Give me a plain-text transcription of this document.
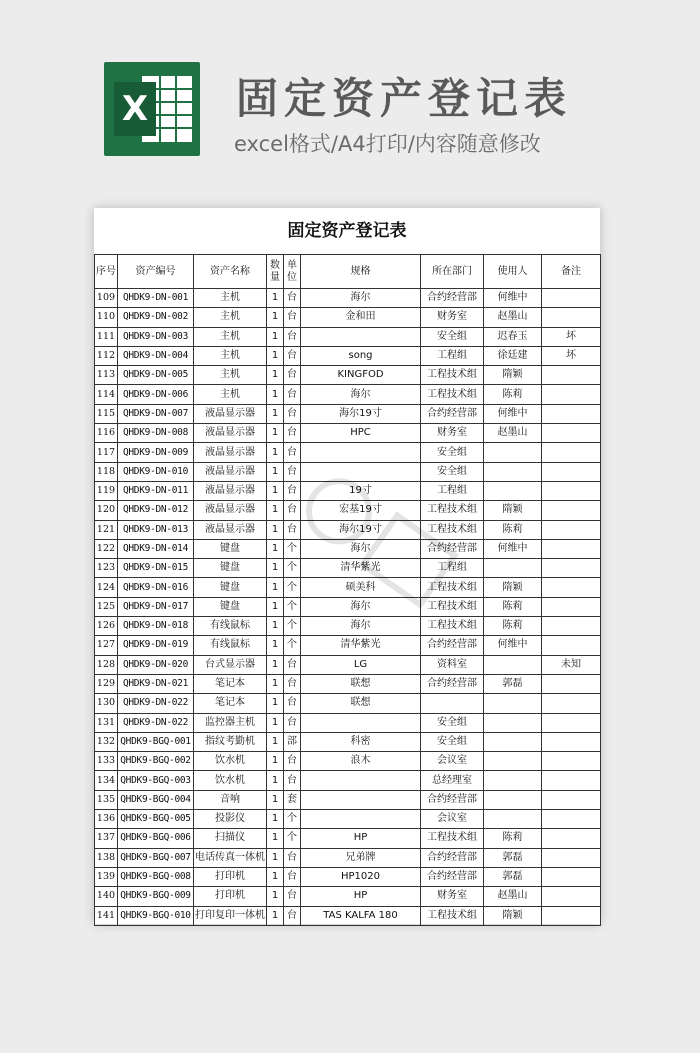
X 固定资产登记表
excel格式/A4打印/内容随意修改
固定资产登记表
序号	资产编号	资产名称	数量	单位	规格	所在部门	使用人	备注
109	QHDK9-DN-001	主机	1	台	海尔	合约经营部	何维中	
110	QHDK9-DN-002	主机	1	台	金和田	财务室	赵墨山	
111	QHDK9-DN-003	主机	1	台		安全组	迟春玉	坏
112	QHDK9-DN-004	主机	1	台	song	工程组	徐廷建	坏
113	QHDK9-DN-005	主机	1	台	KINGFOD	工程技术组	隋颖	
114	QHDK9-DN-006	主机	1	台	海尔	工程技术组	陈莉	
115	QHDK9-DN-007	液晶显示器	1	台	海尔19寸	合约经营部	何维中	
116	QHDK9-DN-008	液晶显示器	1	台	HPC	财务室	赵墨山	
117	QHDK9-DN-009	液晶显示器	1	台		安全组		
118	QHDK9-DN-010	液晶显示器	1	台		安全组		
119	QHDK9-DN-011	液晶显示器	1	台	19寸	工程组		
120	QHDK9-DN-012	液晶显示器	1	台	宏基19寸	工程技术组	隋颖	
121	QHDK9-DN-013	液晶显示器	1	台	海尔19寸	工程技术组	陈莉	
122	QHDK9-DN-014	键盘	1	个	海尔	合约经营部	何维中	
123	QHDK9-DN-015	键盘	1	个	清华紫光	工程组		
124	QHDK9-DN-016	键盘	1	个	硕美科	工程技术组	隋颖	
125	QHDK9-DN-017	键盘	1	个	海尔	工程技术组	陈莉	
126	QHDK9-DN-018	有线鼠标	1	个	海尔	工程技术组	陈莉	
127	QHDK9-DN-019	有线鼠标	1	个	清华紫光	合约经营部	何维中	
128	QHDK9-DN-020	台式显示器	1	台	LG	资料室		未知
129	QHDK9-DN-021	笔记本	1	台	联想	合约经营部	郭磊	
130	QHDK9-DN-022	笔记本	1	台	联想			
131	QHDK9-DN-022	监控器主机	1	台		安全组		
132	QHDK9-BGQ-001	指纹考勤机	1	部	科密	安全组		
133	QHDK9-BGQ-002	饮水机	1	台	浪木	会议室		
134	QHDK9-BGQ-003	饮水机	1	台		总经理室		
135	QHDK9-BGQ-004	音响	1	套		合约经营部		
136	QHDK9-BGQ-005	投影仪	1	个		会议室		
137	QHDK9-BGQ-006	扫描仪	1	个	HP	工程技术组	陈莉	
138	QHDK9-BGQ-007	电话传真一体机	1	台	兄弟牌	合约经营部	郭磊	
139	QHDK9-BGQ-008	打印机	1	台	HP1020	合约经营部	郭磊	
140	QHDK9-BGQ-009	打印机	1	台	HP	财务室	赵墨山	
141	QHDK9-BGQ-010	打印复印一体机	1	台	TAS KALFA 180	工程技术组	隋颖	
